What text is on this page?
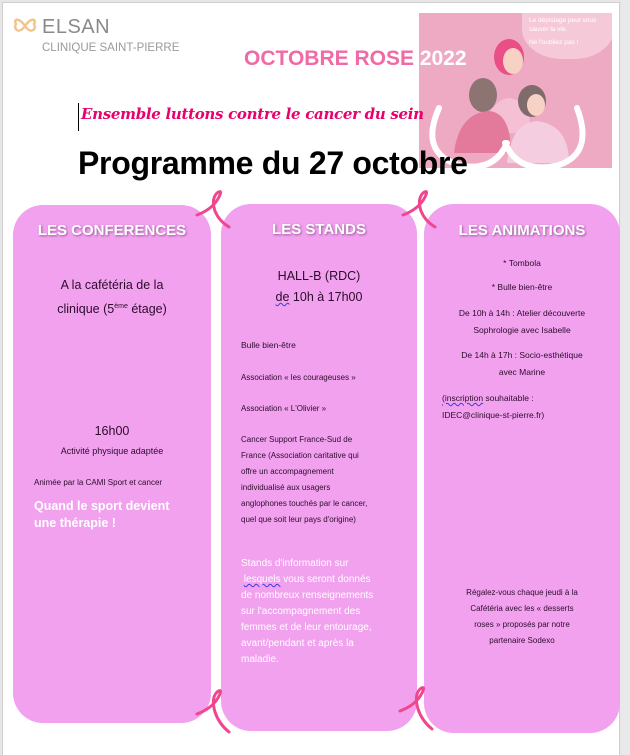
ELSAN
CLINIQUE SAINT-PIERRE
Le dépistage peut vous sauver la vie.
Ne l'oubliez pas !
OCTOBRE ROSE 2022
Ensemble luttons contre le cancer du sein
Programme du 27 octobre
LES CONFERENCES
A la cafétéria de la
clinique (5ème étage)
16h00
Activité physique adaptée
Animée par la CAMI Sport et cancer
Quand le sport devient
une thérapie !
LES STANDS
HALL-B (RDC)
de 10h à 17h00
Bulle bien-être
Association « les courageuses »
Association « L'Olivier »
Cancer Support France-Sud de
France (Association caritative qui
offre un accompagnement
individualisé aux usagers
anglophones touchés par le cancer,
quel que soit leur pays d'origine)
Stands d'information sur
lesquels vous seront donnés
de nombreux renseignements
sur l'accompagnement des
femmes et de leur entourage,
avant/pendant et après la
maladie.
LES ANIMATIONS
* Tombola
* Bulle bien-être
De 10h à 14h : Atelier découverte
Sophrologie avec Isabelle
De 14h à 17h : Socio-esthétique
avec Marine
(inscription souhaitable :
IDEC@clinique-st-pierre.fr)
Régalez-vous chaque jeudi à la
Cafétéria avec les « desserts
roses » proposés par notre
partenaire Sodexo
